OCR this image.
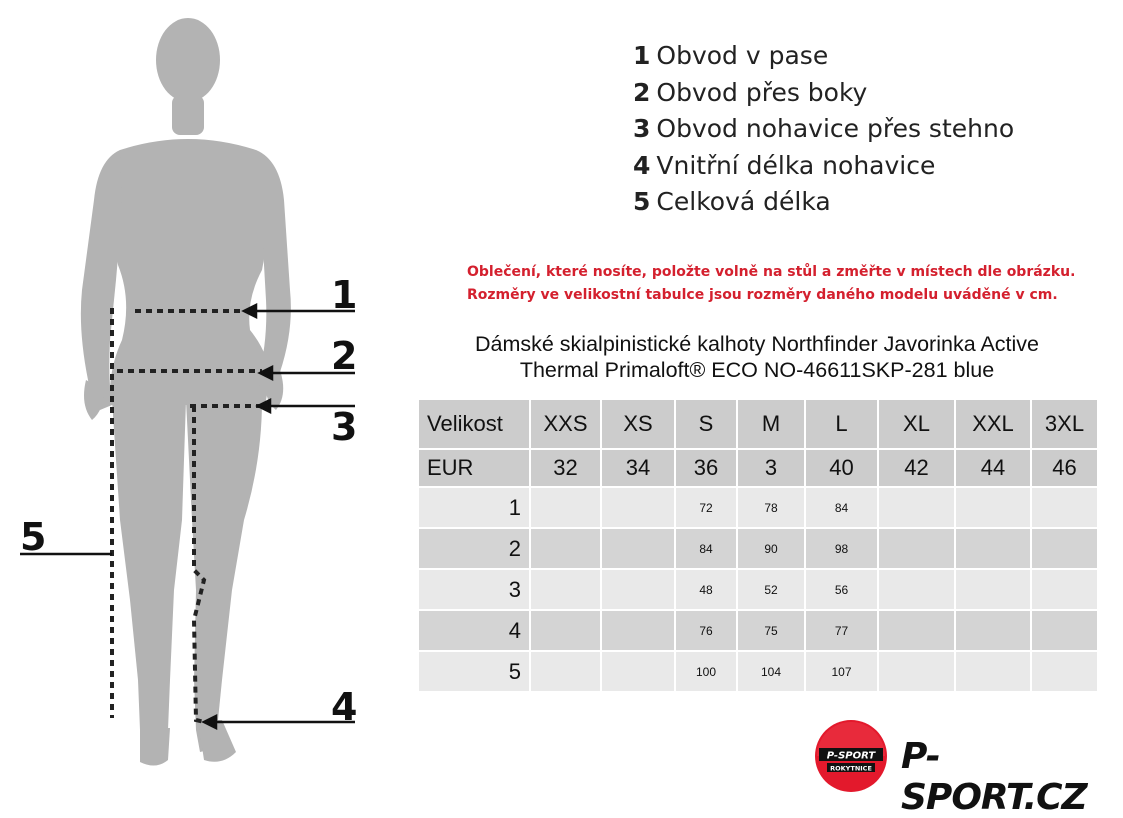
1
2
3
4
5
1 Obvod v pase
2 Obvod přes boky
3 Obvod nohavice přes stehno
4 Vnitřní délka nohavice
5 Celková délka
Oblečení, které nosíte, položte volně na stůl a změřte v místech dle obrázku.
Rozměry ve velikostní tabulce jsou rozměry daného modelu uváděné v cm.
Dámské skialpinistické kalhoty Northfinder Javorinka Active
Thermal Primaloft® ECO NO-46611SKP-281 blue
Velikost	XXS	XS	S	M	L	XL	XXL	3XL
EUR	32	34	36	3	40	42	44	46
1			72	78	84			
2			84	90	98			
3			48	52	56			
4			76	75	77			
5			100	104	107			
P-SPORT
ROKYTNICE P-SPORT.CZ
